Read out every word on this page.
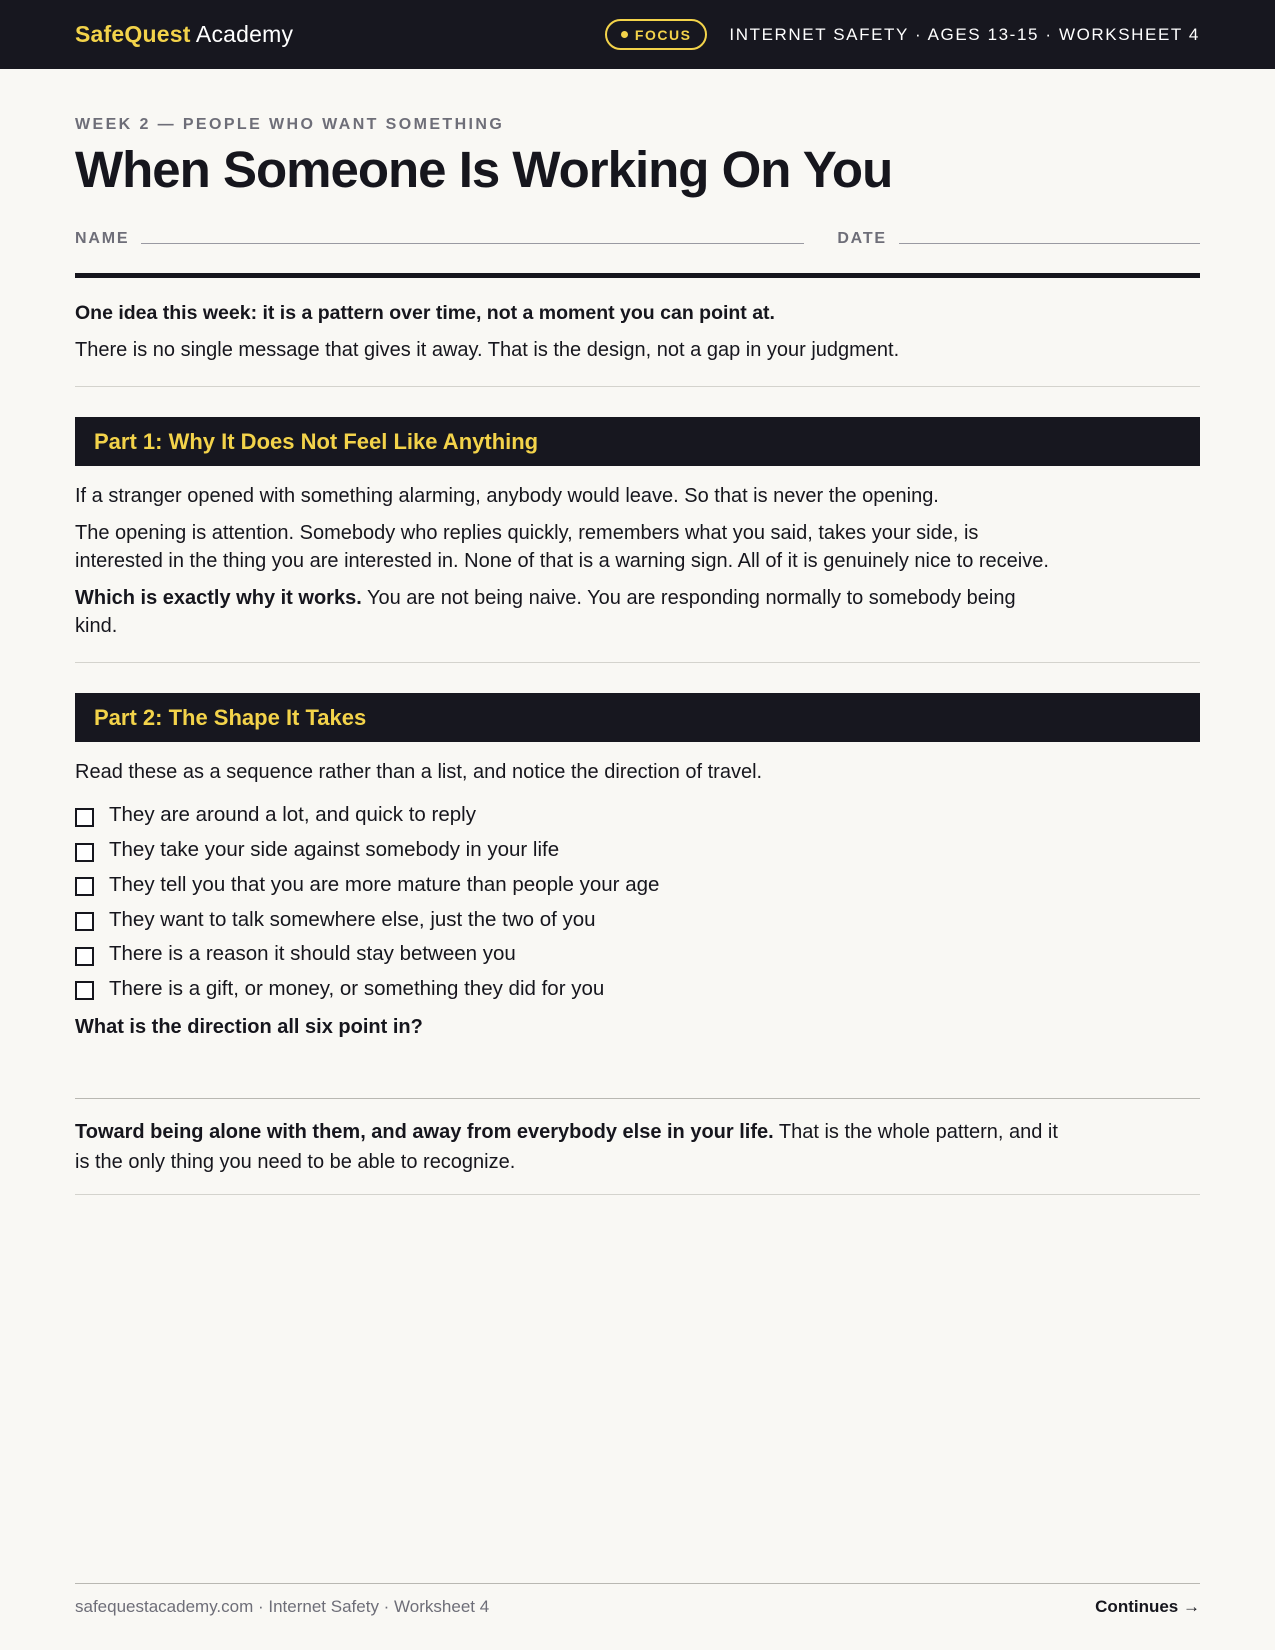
SafeQuest Academy	FOCUS INTERNET SAFETY · AGES 13-15 · WORKSHEET 4
WEEK 2 — PEOPLE WHO WANT SOMETHING
When Someone Is Working On You
NAME	DATE

One idea this week: it is a pattern over time, not a moment you can point at.

There is no single message that gives it away. That is the design, not a gap in your judgment.

Part 1: Why It Does Not Feel Like Anything

If a stranger opened with something alarming, anybody would leave. So that is never the opening.

The opening is attention. Somebody who replies quickly, remembers what you said, takes your side, is interested in the thing you are interested in. None of that is a warning sign. All of it is genuinely nice to receive.

Which is exactly why it works. You are not being naive. You are responding normally to somebody being kind.

Part 2: The Shape It Takes

Read these as a sequence rather than a list, and notice the direction of travel.

They are around a lot, and quick to reply
They take your side against somebody in your life
They tell you that you are more mature than people your age
They want to talk somewhere else, just the two of you
There is a reason it should stay between you
There is a gift, or money, or something they did for you

What is the direction all six point in?

Toward being alone with them, and away from everybody else in your life. That is the whole pattern, and it is the only thing you need to be able to recognize.

safequestacademy.com · Internet Safety · Worksheet 4	Continues →
